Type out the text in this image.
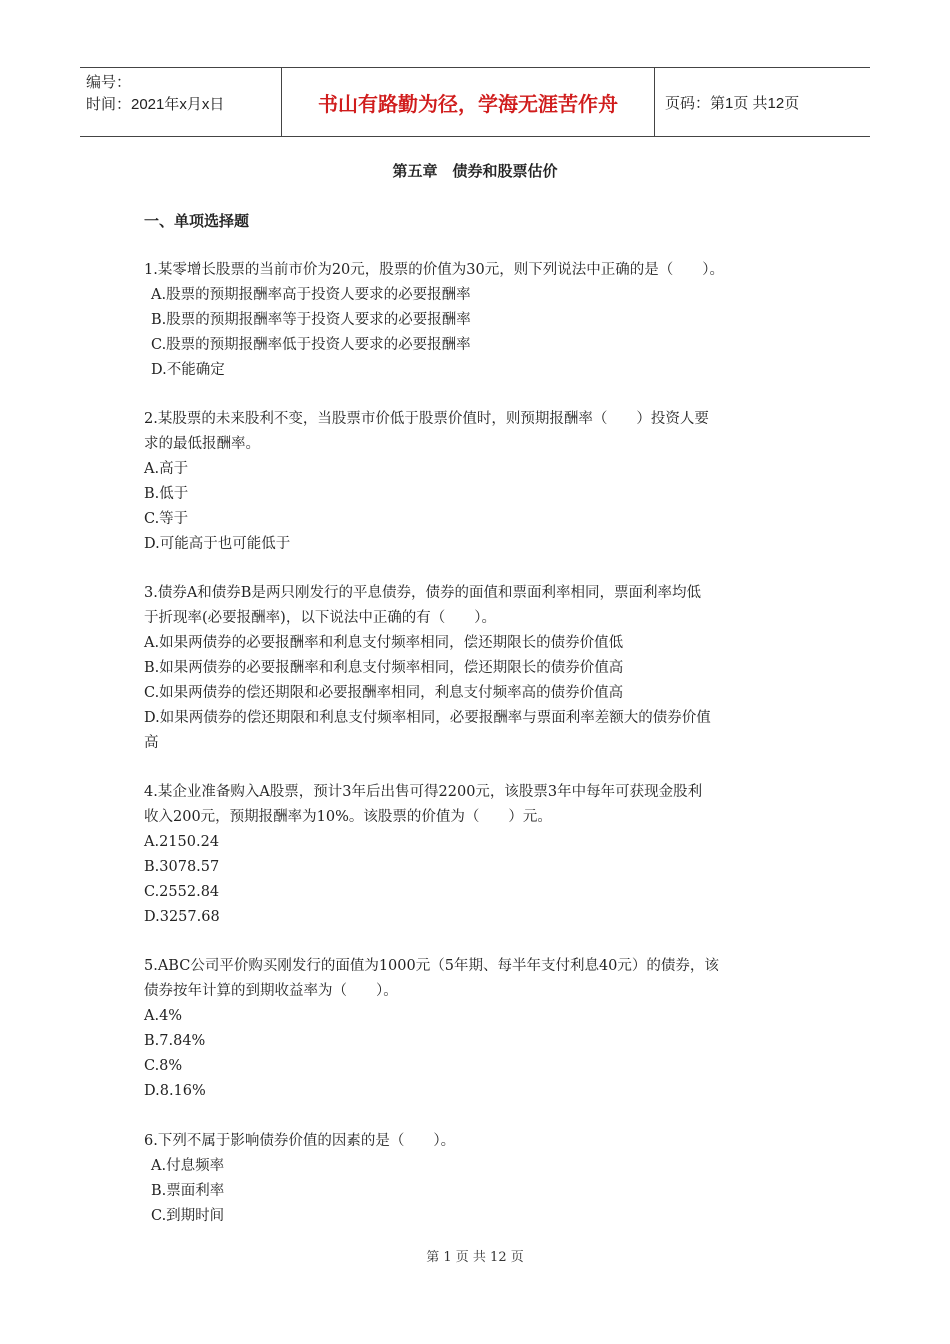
编号：
时间：2021年x月x日	书山有路勤为径，学海无涯苦作舟	页码：第1页 共12页
第五章　债券和股票估价
一、单项选择题
1.某零增长股票的当前市价为20元，股票的价值为30元，则下列说法中正确的是（　　）。
A.股票的预期报酬率高于投资人要求的必要报酬率
B.股票的预期报酬率等于投资人要求的必要报酬率
C.股票的预期报酬率低于投资人要求的必要报酬率
D.不能确定
2.某股票的未来股利不变，当股票市价低于股票价值时，则预期报酬率（　　）投资人要
求的最低报酬率。
A.高于
B.低于
C.等于
D.可能高于也可能低于
3.债券A和债券B是两只刚发行的平息债券，债券的面值和票面利率相同，票面利率均低
于折现率(必要报酬率)，以下说法中正确的有（　　）。
A.如果两债券的必要报酬率和利息支付频率相同，偿还期限长的债券价值低
B.如果两债券的必要报酬率和利息支付频率相同，偿还期限长的债券价值高
C.如果两债券的偿还期限和必要报酬率相同，利息支付频率高的债券价值高
D.如果两债券的偿还期限和利息支付频率相同，必要报酬率与票面利率差额大的债券价值
高
4.某企业准备购入A股票，预计3年后出售可得2200元，该股票3年中每年可获现金股利
收入200元，预期报酬率为10%。该股票的价值为（　　）元。
A.2150.24
B.3078.57
C.2552.84
D.3257.68
5.ABC公司平价购买刚发行的面值为1000元（5年期、每半年支付利息40元）的债券，该
债券按年计算的到期收益率为（　　）。
A.4%
B.7.84%
C.8%
D.8.16%
6.下列不属于影响债券价值的因素的是（　　）。
A.付息频率
B.票面利率
C.到期时间
第 1 页 共 12 页
